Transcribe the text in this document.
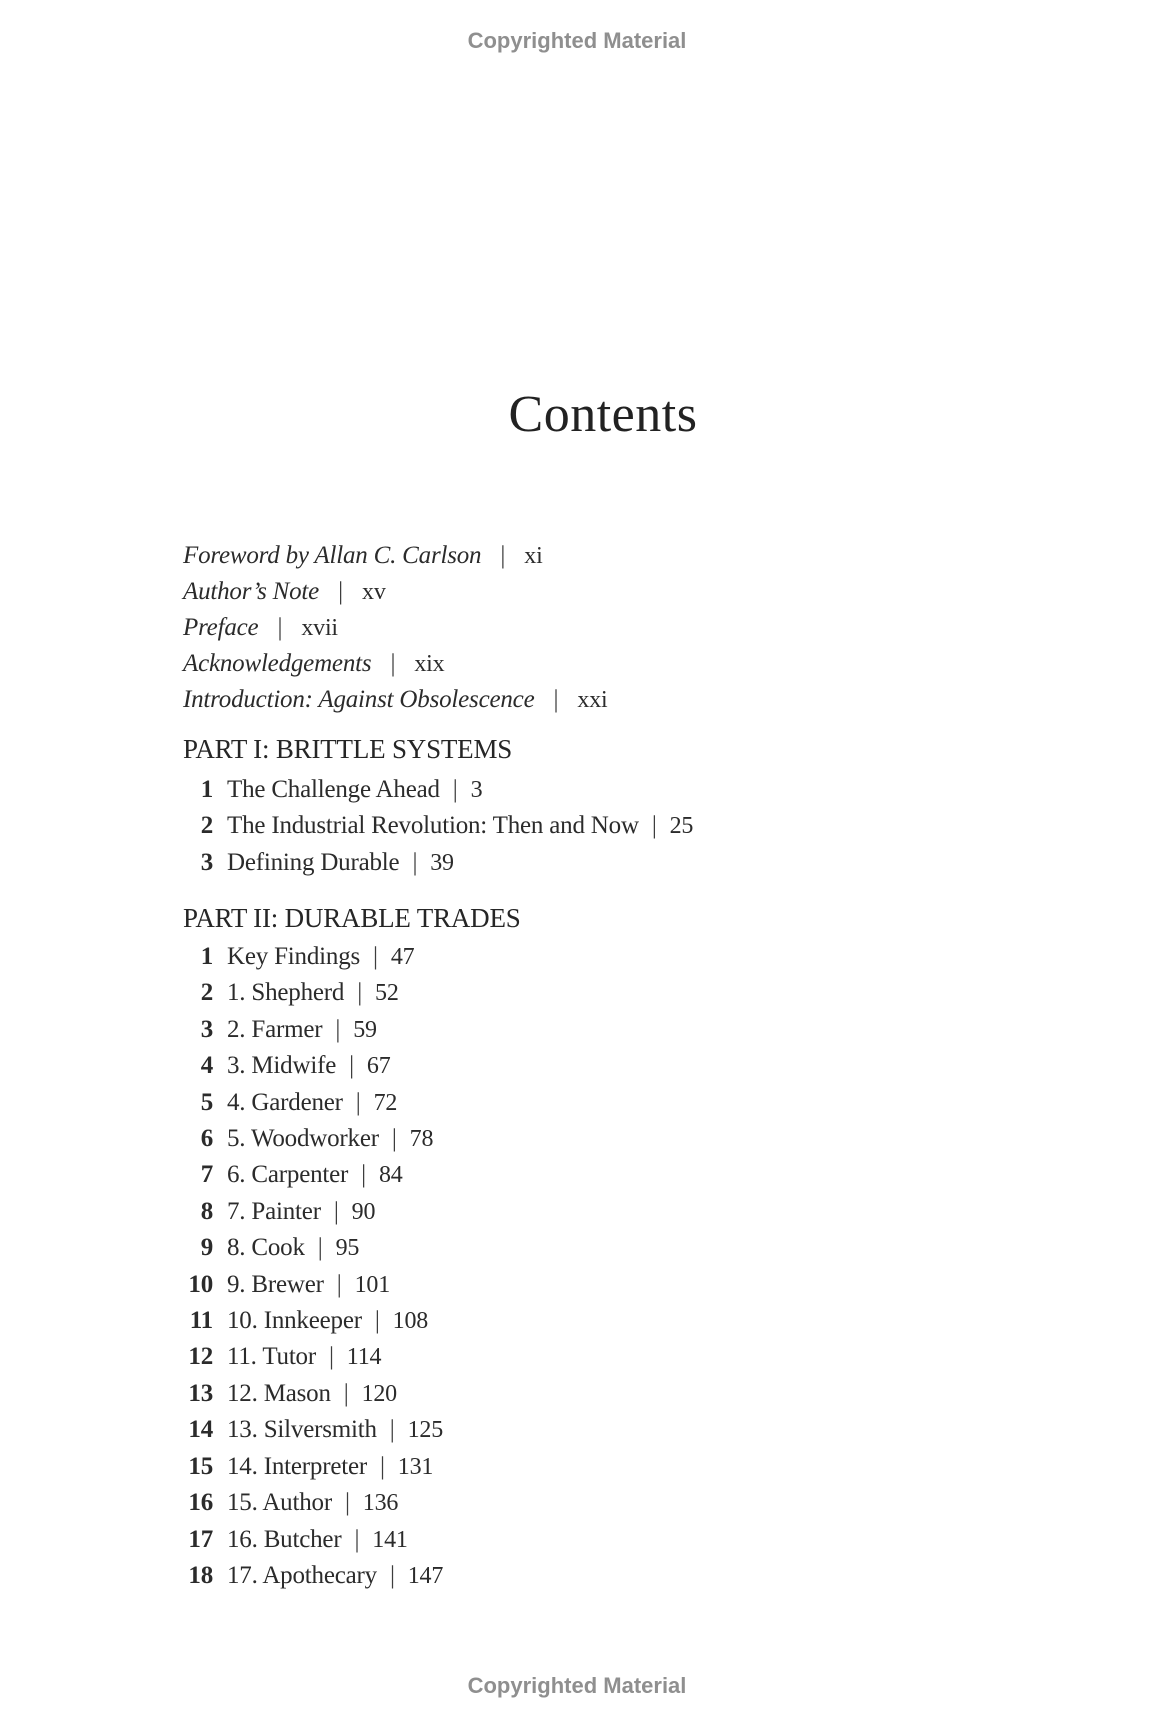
Copyrighted Material
Contents
Foreword by Allan C. Carlson | xi
Author’s Note | xv
Preface | xvii
Acknowledgements | xix
Introduction: Against Obsolescence | xxi
PART I: BRITTLE SYSTEMS
1 The Challenge Ahead | 3
2 The Industrial Revolution: Then and Now | 25
3 Defining Durable | 39
PART II: DURABLE TRADES
1 Key Findings | 47
2 1. Shepherd | 52
3 2. Farmer | 59
4 3. Midwife | 67
5 4. Gardener | 72
6 5. Woodworker | 78
7 6. Carpenter | 84
8 7. Painter | 90
9 8. Cook | 95
10 9. Brewer | 101
11 10. Innkeeper | 108
12 11. Tutor | 114
13 12. Mason | 120
14 13. Silversmith | 125
15 14. Interpreter | 131
16 15. Author | 136
17 16. Butcher | 141
18 17. Apothecary | 147
Copyrighted Material
